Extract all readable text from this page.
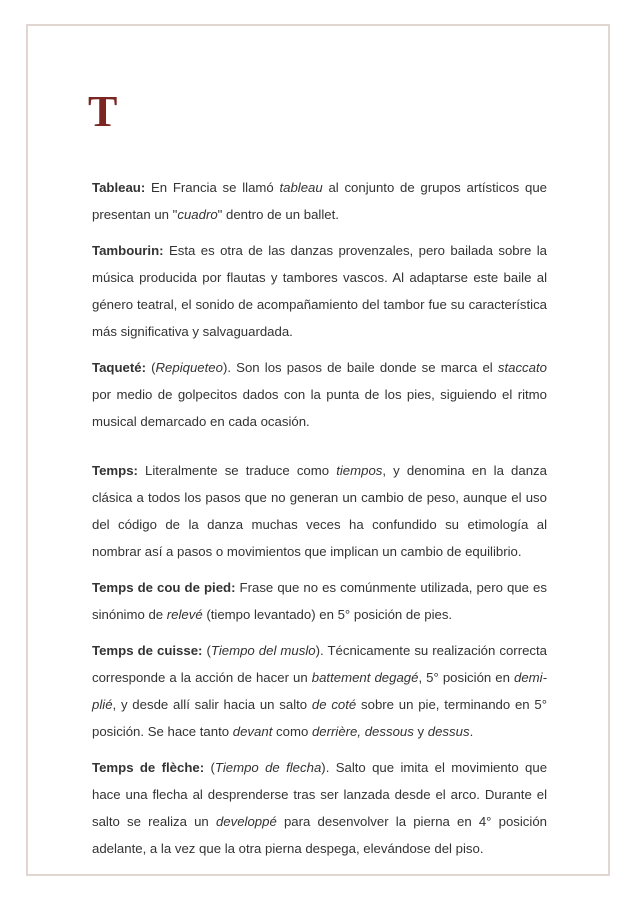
T

Tableau: En Francia se llamó tableau al conjunto de grupos artísticos que presentan un "cuadro" dentro de un ballet.

Tambourin: Esta es otra de las danzas provenzales, pero bailada sobre la música producida por flautas y tambores vascos. Al adaptarse este baile al género teatral, el sonido de acompañamiento del tambor fue su característica más significativa y salvaguardada.

Taqueté: (Repiqueteo). Son los pasos de baile donde se marca el staccato por medio de golpecitos dados con la punta de los pies, siguiendo el ritmo musical demarcado en cada ocasión.

Temps: Literalmente se traduce como tiempos, y denomina en la danza clásica a todos los pasos que no generan un cambio de peso, aunque el uso del código de la danza muchas veces ha confundido su etimología al nombrar así a pasos o movimientos que implican un cambio de equilibrio.

Temps de cou de pied: Frase que no es comúnmente utilizada, pero que es sinónimo de relevé (tiempo levantado) en 5° posición de pies.

Temps de cuisse: (Tiempo del muslo). Técnicamente su realización correcta corresponde a la acción de hacer un battement degagé, 5° posición en demi-plié, y desde allí salir hacia un salto de coté sobre un pie, terminando en 5° posición. Se hace tanto devant como derrière, dessous y dessus.

Temps de flèche: (Tiempo de flecha). Salto que imita el movimiento que hace una flecha al desprenderse tras ser lanzada desde el arco. Durante el salto se realiza un developpé para desenvolver la pierna en 4° posición adelante, a la vez que la otra pierna despega, elevándose del piso.
